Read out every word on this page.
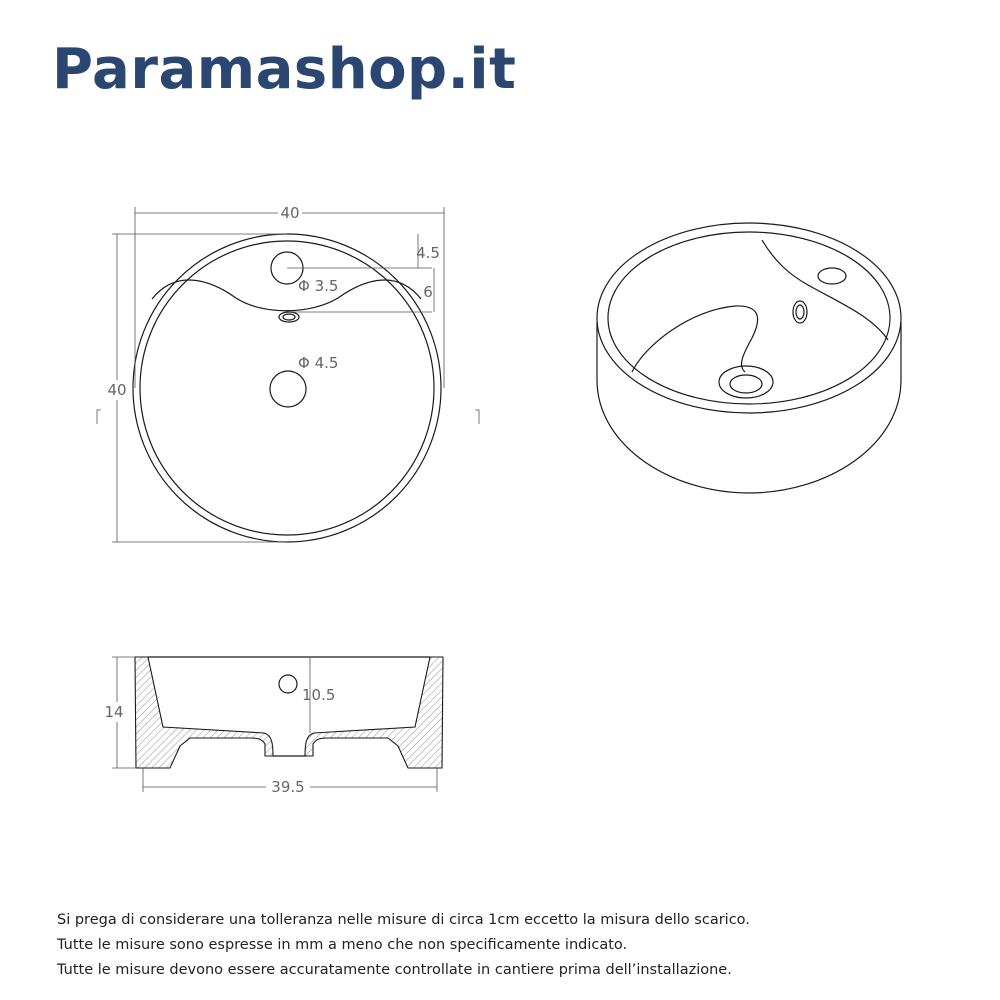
Paramashop.it
40
40
4.5
6
Φ 3.5
Φ 4.5
14
10.5
39.5
Si prega di considerare una tolleranza nelle misure di circa 1cm eccetto la misura dello scarico.
Tutte le misure sono espresse in mm a meno che non specificamente indicato.
Tutte le misure devono essere accuratamente controllate in cantiere prima dell’installazione.
